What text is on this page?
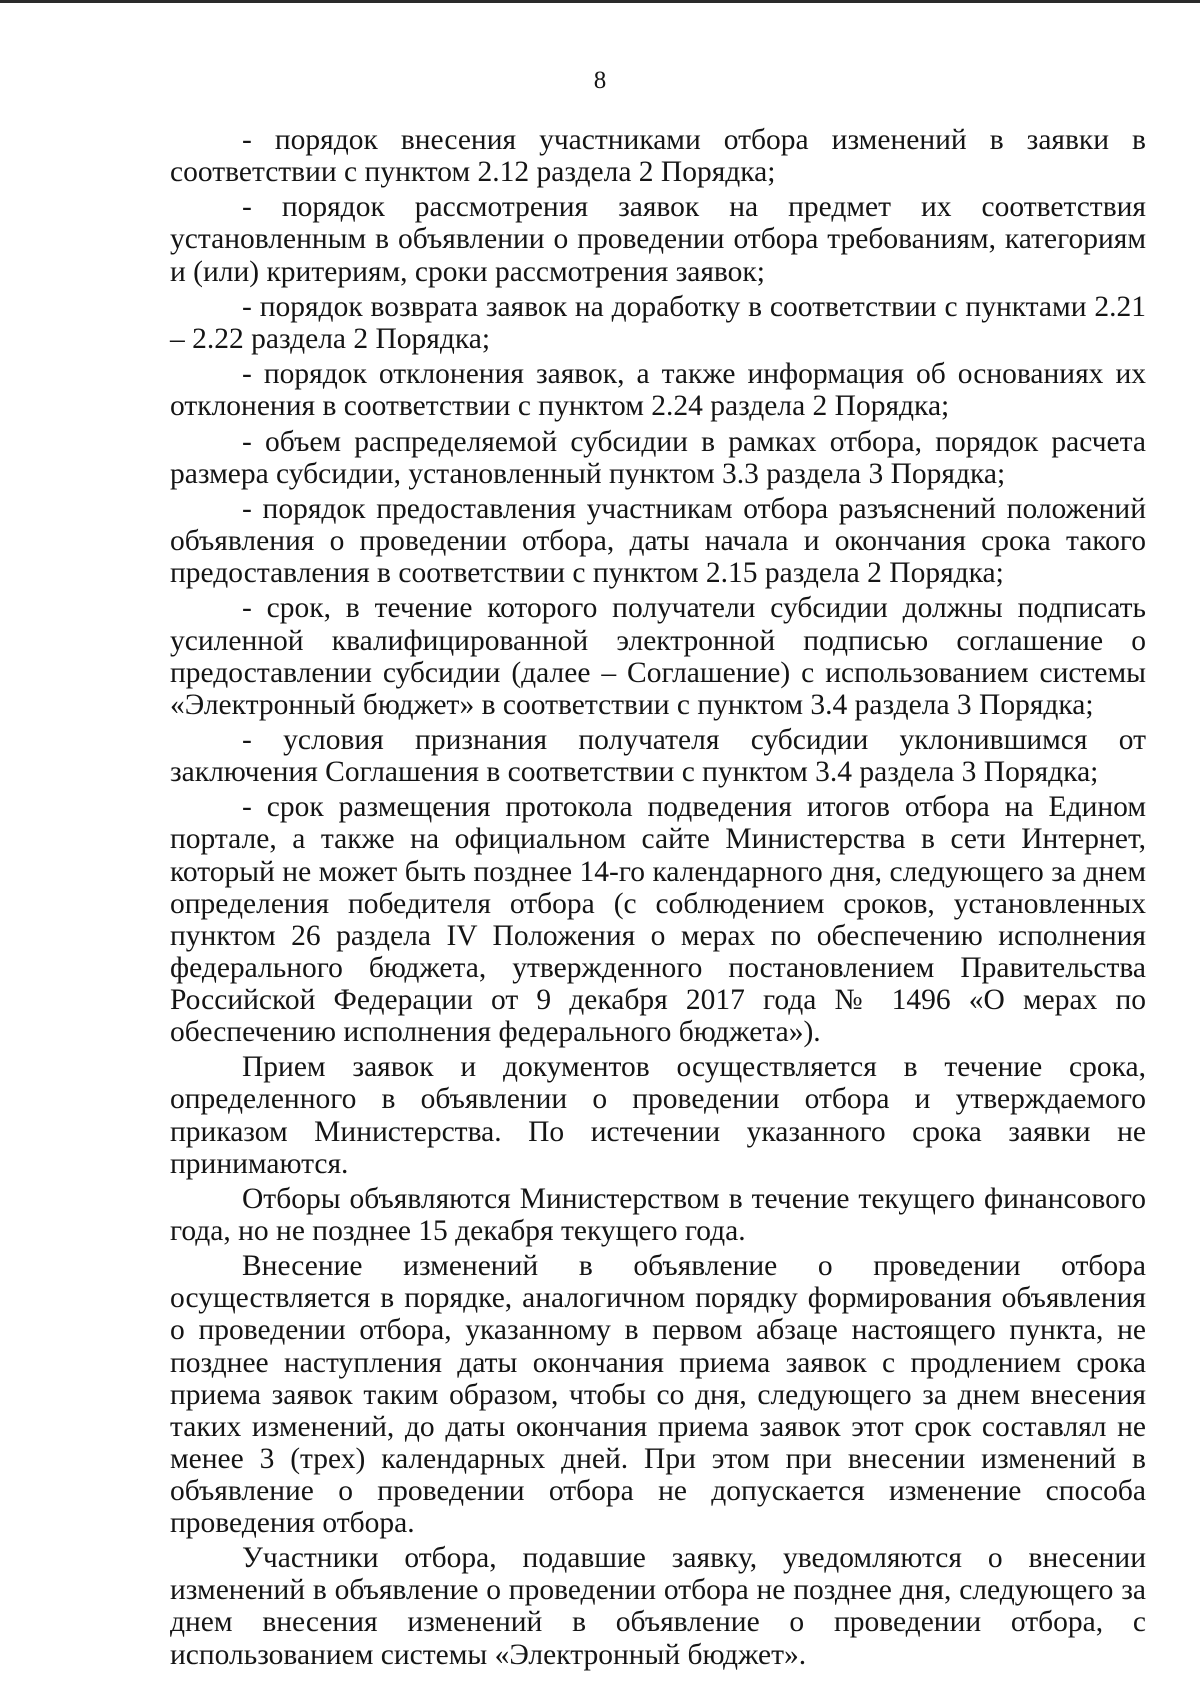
8

- порядок внесения участниками отбора изменений в заявки в соответствии с пунктом 2.12 раздела 2 Порядка;

- порядок рассмотрения заявок на предмет их соответствия установленным в объявлении о проведении отбора требованиям, категориям и (или) критериям, сроки рассмотрения заявок;

- порядок возврата заявок на доработку в соответствии с пунктами 2.21 – 2.22 раздела 2 Порядка;

- порядок отклонения заявок, а также информация об основаниях их отклонения в соответствии с пунктом 2.24 раздела 2 Порядка;

- объем распределяемой субсидии в рамках отбора, порядок расчета размера субсидии, установленный пунктом 3.3 раздела 3 Порядка;

- порядок предоставления участникам отбора разъяснений положений объявления о проведении отбора, даты начала и окончания срока такого предоставления в соответствии с пунктом 2.15 раздела 2 Порядка;

- срок, в течение которого получатели субсидии должны подписать усиленной квалифицированной электронной подписью соглашение о предоставлении субсидии (далее – Соглашение) с использованием системы «Электронный бюджет» в соответствии с пунктом 3.4 раздела 3 Порядка;

- условия признания получателя субсидии уклонившимся от заключения Соглашения в соответствии с пунктом 3.4 раздела 3 Порядка;

- срок размещения протокола подведения итогов отбора на Едином портале, а также на официальном сайте Министерства в сети Интернет, который не может быть позднее 14-го календарного дня, следующего за днем определения победителя отбора (с соблюдением сроков, установленных пунктом 26 раздела IV Положения о мерах по обеспечению исполнения федерального бюджета, утвержденного постановлением Правительства Российской Федерации от 9 декабря 2017 года № 1496 «О мерах по обеспечению исполнения федерального бюджета»).

Прием заявок и документов осуществляется в течение срока, определенного в объявлении о проведении отбора и утверждаемого приказом Министерства. По истечении указанного срока заявки не принимаются.

Отборы объявляются Министерством в течение текущего финансового года, но не позднее 15 декабря текущего года.

Внесение изменений в объявление о проведении отбора осуществляется в порядке, аналогичном порядку формирования объявления о проведении отбора, указанному в первом абзаце настоящего пункта, не позднее наступления даты окончания приема заявок с продлением срока приема заявок таким образом, чтобы со дня, следующего за днем внесения таких изменений, до даты окончания приема заявок этот срок составлял не менее 3 (трех) календарных дней. При этом при внесении изменений в объявление о проведении отбора не допускается изменение способа проведения отбора.

Участники отбора, подавшие заявку, уведомляются о внесении изменений в объявление о проведении отбора не позднее дня, следующего за днем внесения изменений в объявление о проведении отбора, с использованием системы «Электронный бюджет».
